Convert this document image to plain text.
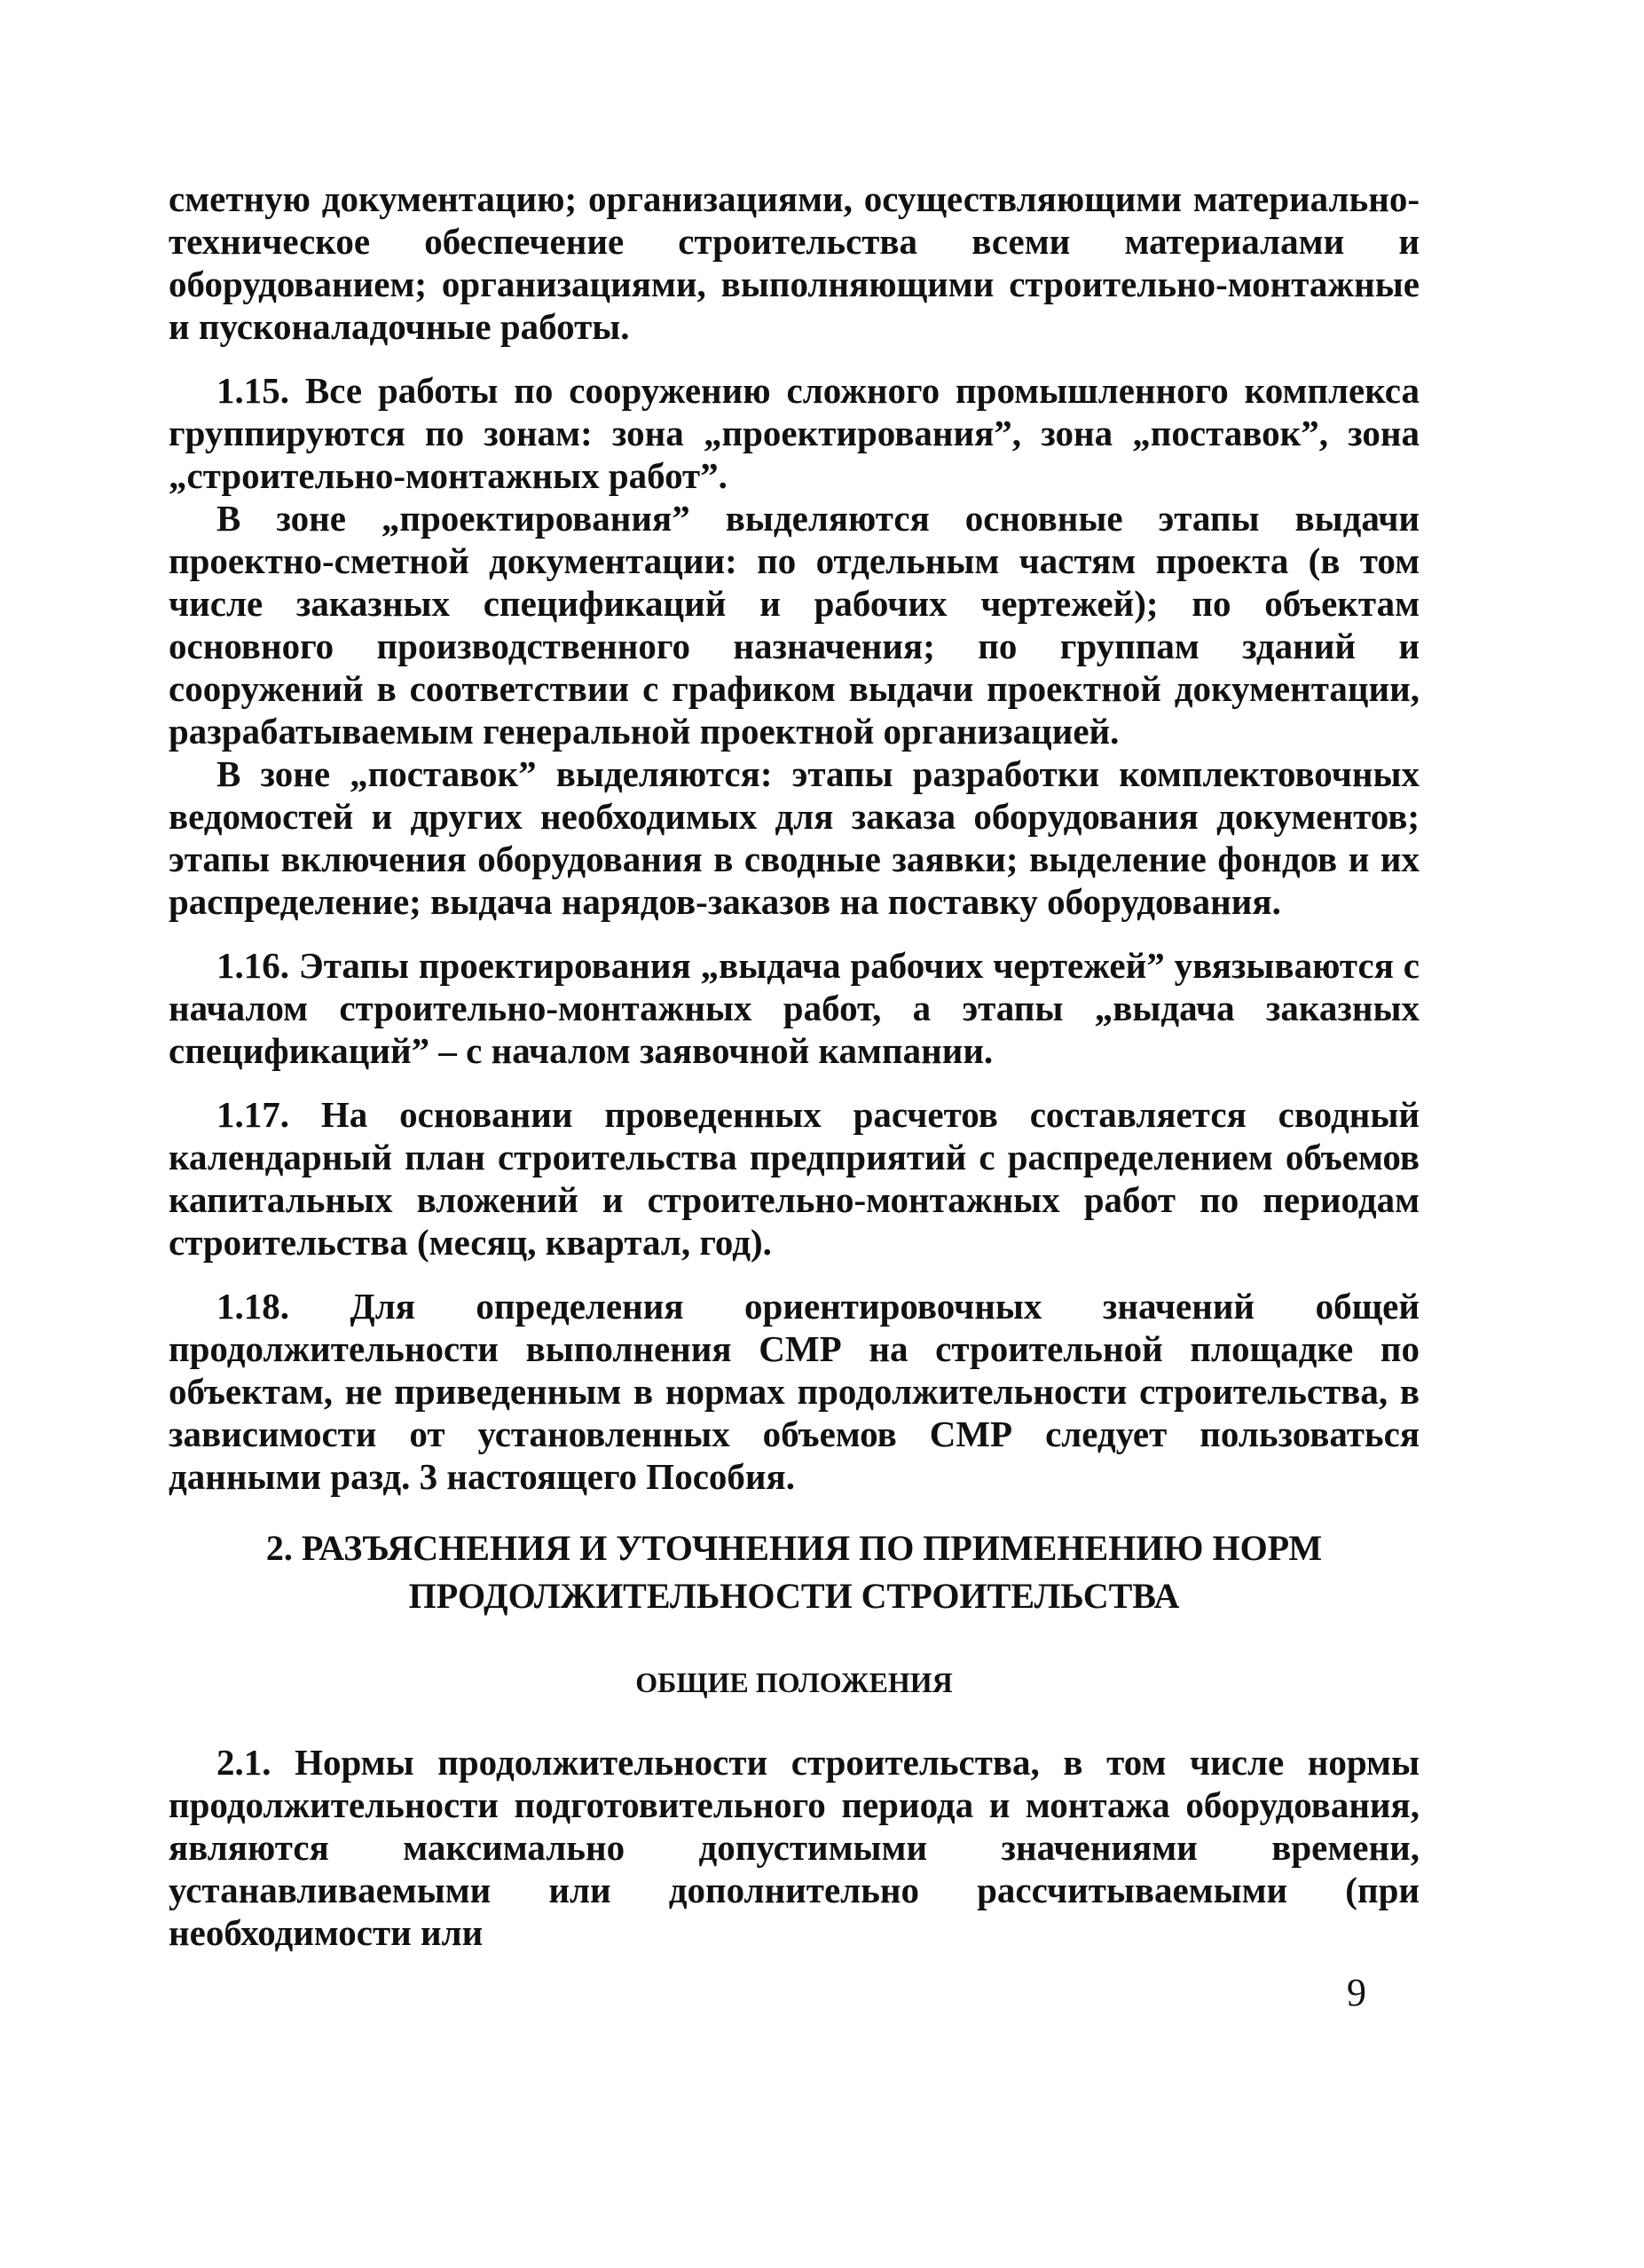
сметную документацию; организациями, осуществляющими материально-техническое обеспечение строительства всеми материалами и оборудованием; организациями, выполняющими строительно-монтажные и пусконаладочные работы.

1.15. Все работы по сооружению сложного промышленного комплекса группируются по зонам: зона „проектирования”, зона „поставок”, зона „строительно-монтажных работ”.

В зоне „проектирования” выделяются основные этапы выдачи проектно-сметной документации: по отдельным частям проекта (в том числе заказных спецификаций и рабочих чертежей); по объектам основного производственного назначения; по группам зданий и сооружений в соответствии с графиком выдачи проектной документации, разрабатываемым генеральной проектной организацией.

В зоне „поставок” выделяются: этапы разработки комплектовочных ведомостей и других необходимых для заказа оборудования документов; этапы включения оборудования в сводные заявки; выделение фондов и их распределение; выдача нарядов-заказов на поставку оборудования.

1.16. Этапы проектирования „выдача рабочих чертежей” увязываются с началом строительно-монтажных работ, а этапы „выдача заказных спецификаций” – с началом заявочной кампании.

1.17. На основании проведенных расчетов составляется сводный календарный план строительства предприятий с распределением объемов капитальных вложений и строительно-монтажных работ по периодам строительства (месяц, квартал, год).

1.18. Для определения ориентировочных значений общей продолжительности выполнения СМР на строительной площадке по объектам, не приведенным в нормах продолжительности строительства, в зависимости от установленных объемов СМР следует пользоваться данными разд. 3 настоящего Пособия.

2. РАЗЪЯСНЕНИЯ И УТОЧНЕНИЯ ПО ПРИМЕНЕНИЮ НОРМ
ПРОДОЛЖИТЕЛЬНОСТИ СТРОИТЕЛЬСТВА
ОБЩИЕ ПОЛОЖЕНИЯ

2.1. Нормы продолжительности строительства, в том числе нормы продолжительности подготовительного периода и монтажа оборудования, являются максимально допустимыми значениями времени, устанавливаемыми или дополнительно рассчитываемыми (при необходимости или

9
